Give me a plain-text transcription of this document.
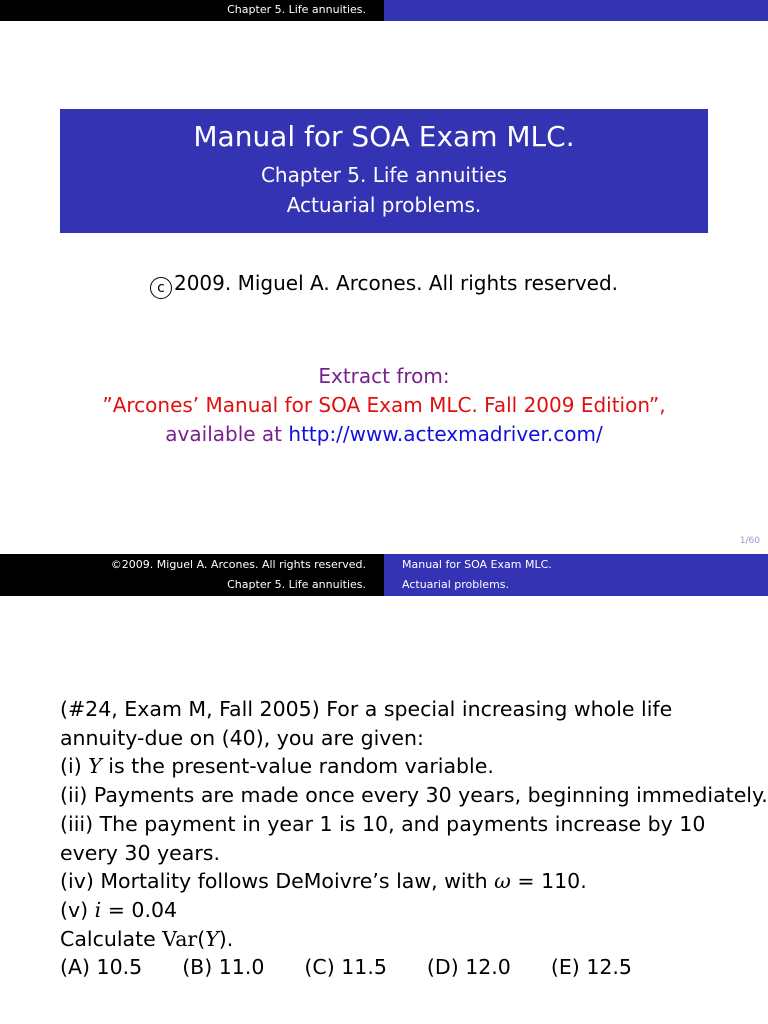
Chapter 5. Life annuities.
Manual for SOA Exam MLC.
Chapter 5. Life annuities
Actuarial problems.
c 2009. Miguel A. Arcones. All rights reserved.
Extract from:
”Arcones’ Manual for SOA Exam MLC. Fall 2009 Edition”,
available at http://www.actexmadriver.com/
1/60
©2009. Miguel A. Arcones. All rights reserved.
Chapter 5. Life annuities.
Manual for SOA Exam MLC.
Actuarial problems.
(#24, Exam M, Fall 2005) For a special increasing whole life
annuity-due on (40), you are given:
(i) Y is the present-value random variable.
(ii) Payments are made once every 30 years, beginning immediately.
(iii) The payment in year 1 is 10, and payments increase by 10
every 30 years.
(iv) Mortality follows DeMoivre’s law, with ω = 110.
(v) i = 0.04
Calculate Var(Y).
(A) 10.5 (B) 11.0 (C) 11.5 (D) 12.0 (E) 12.5
